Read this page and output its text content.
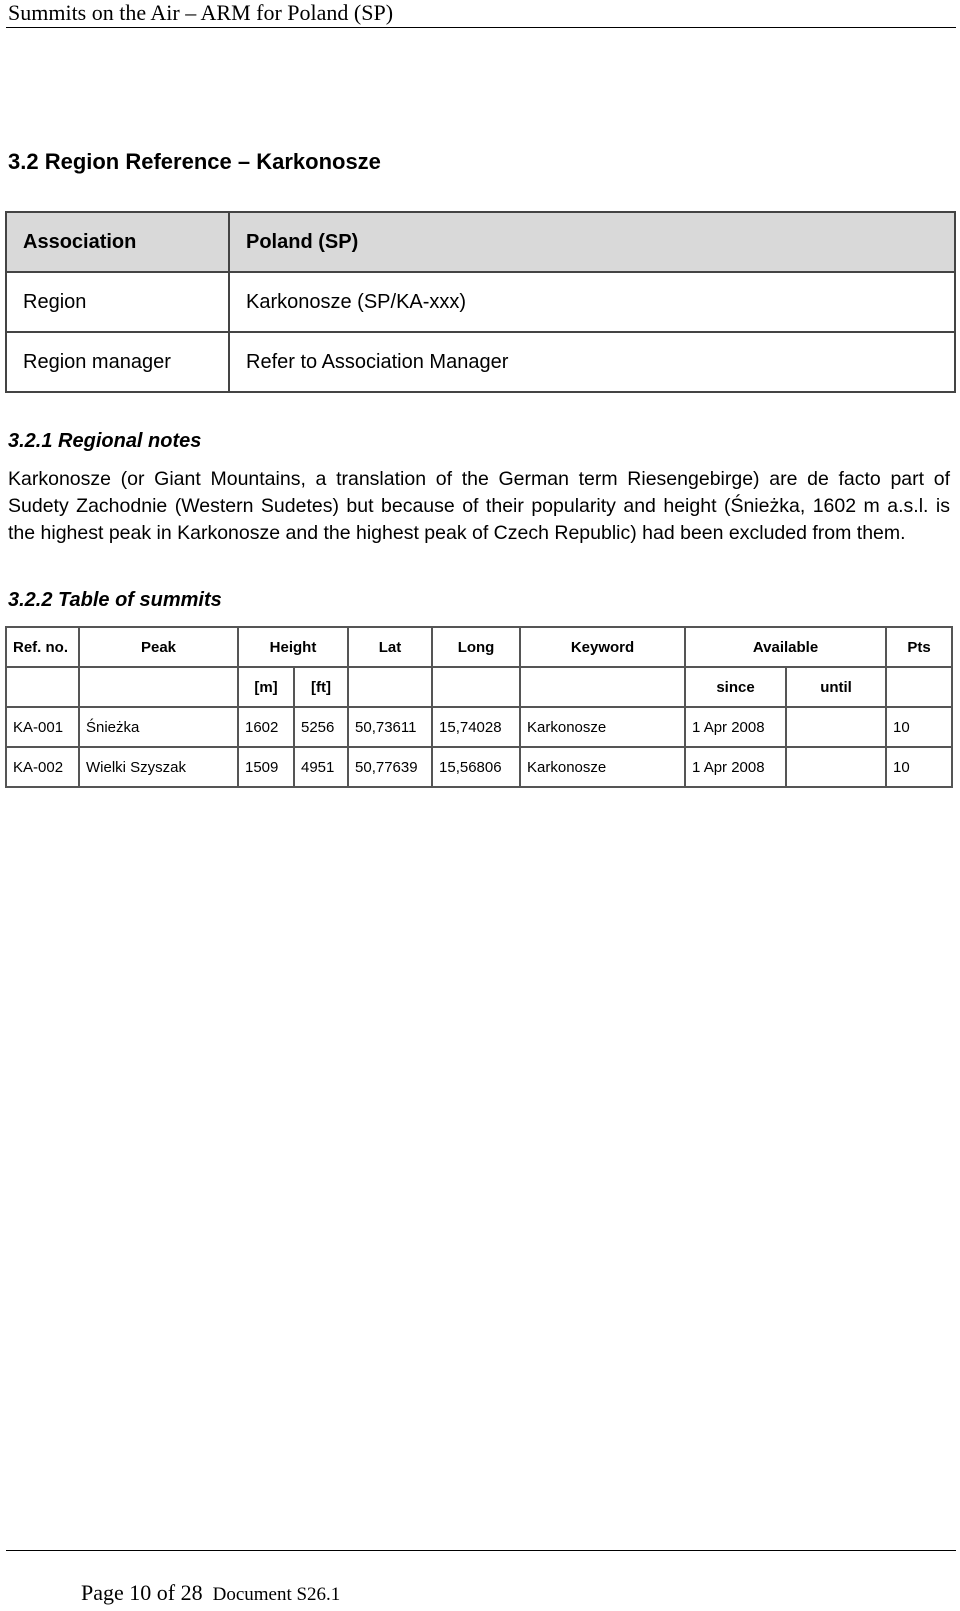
Summits on the Air – ARM for Poland (SP)
3.2 Region Reference – Karkonosze
Association	Poland (SP)
Region	Karkonosze (SP/KA-xxx)
Region manager	Refer to Association Manager
3.2.1 Regional notes
Karkonosze (or Giant Mountains, a translation of the German term Riesengebirge) are de facto part of Sudety Zachodnie (Western Sudetes) but because of their popularity and height (Śnieżka, 1602 m a.s.l. is the highest peak in Karkonosze and the highest peak of Czech Republic) had been excluded from them.
3.2.2 Table of summits
Ref. no.	Peak	Height		Lat	Long	Keyword	Available		Pts
		[m]	[ft]				since	until	
KA-001	Śnieżka	1602	5256	50,73611	15,74028	Karkonosze	1 Apr 2008		10
KA-002	Wielki Szyszak	1509	4951	50,77639	15,56806	Karkonosze	1 Apr 2008		10
Page 10 of 28 Document S26.1
